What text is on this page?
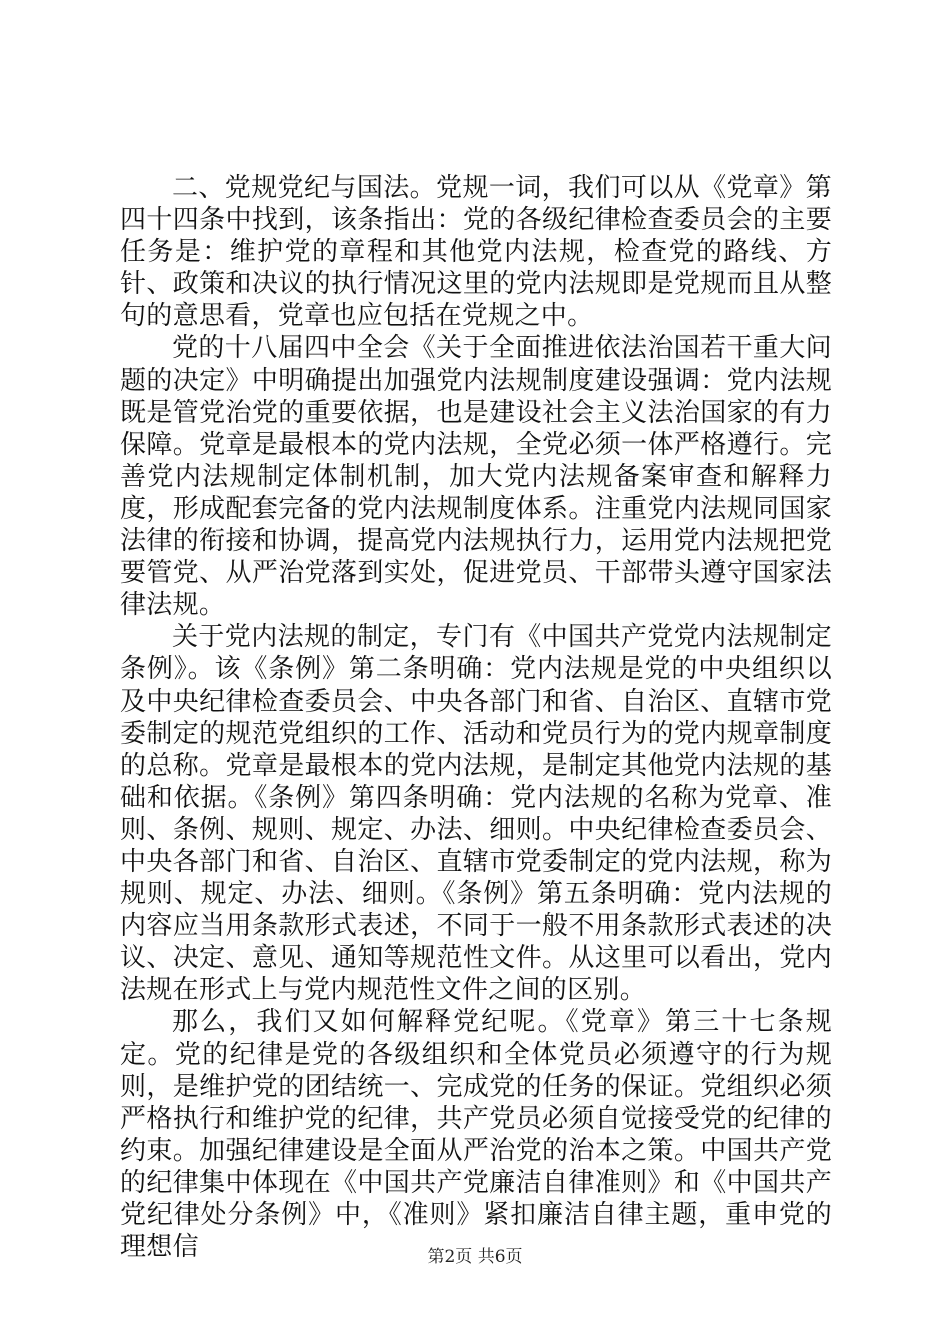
二、党规党纪与国法。党规一词，我们可以从《党章》第四十四条中找到，该条指出：党的各级纪律检查委员会的主要任务是：维护党的章程和其他党内法规，检查党的路线、方针、政策和决议的执行情况这里的党内法规即是党规而且从整句的意思看，党章也应包括在党规之中。

党的十八届四中全会《关于全面推进依法治国若干重大问题的决定》中明确提出加强党内法规制度建设强调：党内法规既是管党治党的重要依据，也是建设社会主义法治国家的有力保障。党章是最根本的党内法规，全党必须一体严格遵行。完善党内法规制定体制机制，加大党内法规备案审查和解释力度，形成配套完备的党内法规制度体系。注重党内法规同国家法律的衔接和协调，提高党内法规执行力，运用党内法规把党要管党、从严治党落到实处，促进党员、干部带头遵守国家法律法规。

关于党内法规的制定，专门有《中国共产党党内法规制定条例》。该《条例》第二条明确：党内法规是党的中央组织以及中央纪律检查委员会、中央各部门和省、自治区、直辖市党委制定的规范党组织的工作、活动和党员行为的党内规章制度的总称。党章是最根本的党内法规，是制定其他党内法规的基础和依据。《条例》第四条明确：党内法规的名称为党章、准则、条例、规则、规定、办法、细则。中央纪律检查委员会、中央各部门和省、自治区、直辖市党委制定的党内法规，称为规则、规定、办法、细则。《条例》第五条明确：党内法规的内容应当用条款形式表述，不同于一般不用条款形式表述的决议、决定、意见、通知等规范性文件。从这里可以看出，党内法规在形式上与党内规范性文件之间的区别。

那么，我们又如何解释党纪呢。《党章》第三十七条规定。党的纪律是党的各级组织和全体党员必须遵守的行为规则，是维护党的团结统一、完成党的任务的保证。党组织必须严格执行和维护党的纪律，共产党员必须自觉接受党的纪律的约束。加强纪律建设是全面从严治党的治本之策。中国共产党的纪律集中体现在《中国共产党廉洁自律准则》和《中国共产党纪律处分条例》中，《准则》紧扣廉洁自律主题，重申党的理想信	第2页 共6页
